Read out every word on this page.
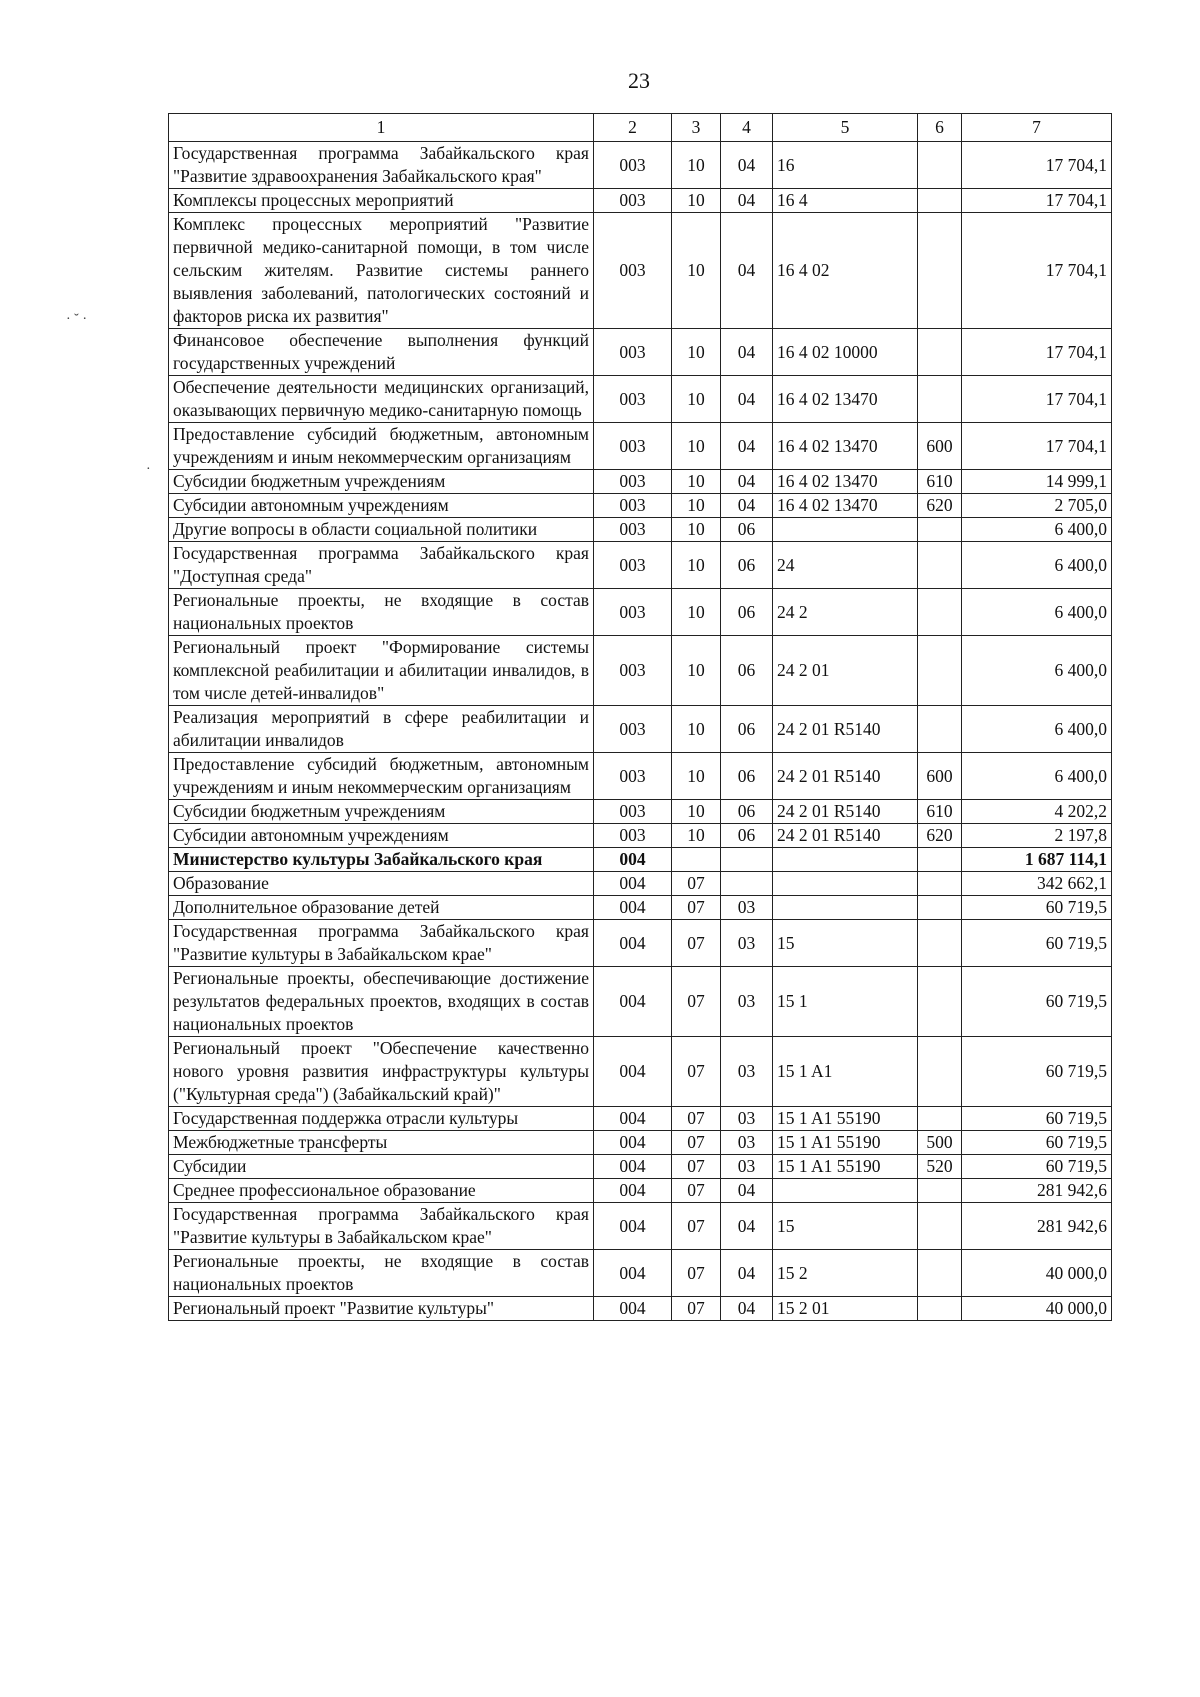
23
· ˘ ·
·
1	2	3	4	5	6	7
Государственная программа Забайкальского края "Развитие здравоохранения Забайкальского края"	003	10	04	16		17 704,1
Комплексы процессных мероприятий	003	10	04	16 4		17 704,1
Комплекс процессных мероприятий "Развитие первичной медико-санитарной помощи, в том числе сельским жителям. Развитие системы раннего выявления заболеваний, патологических состояний и факторов риска их развития"	003	10	04	16 4 02		17 704,1
Финансовое обеспечение выполнения функций государственных учреждений	003	10	04	16 4 02 10000		17 704,1
Обеспечение деятельности медицинских организаций, оказывающих первичную медико-санитарную помощь	003	10	04	16 4 02 13470		17 704,1
Предоставление субсидий бюджетным, автономным учреждениям и иным некоммерческим организациям	003	10	04	16 4 02 13470	600	17 704,1
Субсидии бюджетным учреждениям	003	10	04	16 4 02 13470	610	14 999,1
Субсидии автономным учреждениям	003	10	04	16 4 02 13470	620	2 705,0
Другие вопросы в области социальной политики	003	10	06			6 400,0
Государственная программа Забайкальского края "Доступная среда"	003	10	06	24		6 400,0
Региональные проекты, не входящие в состав национальных проектов	003	10	06	24 2		6 400,0
Региональный проект "Формирование системы комплексной реабилитации и абилитации инвалидов, в том числе детей-инвалидов"	003	10	06	24 2 01		6 400,0
Реализация мероприятий в сфере реабилитации и абилитации инвалидов	003	10	06	24 2 01 R5140		6 400,0
Предоставление субсидий бюджетным, автономным учреждениям и иным некоммерческим организациям	003	10	06	24 2 01 R5140	600	6 400,0
Субсидии бюджетным учреждениям	003	10	06	24 2 01 R5140	610	4 202,2
Субсидии автономным учреждениям	003	10	06	24 2 01 R5140	620	2 197,8
Министерство культуры Забайкальского края	004					1 687 114,1
Образование	004	07				342 662,1
Дополнительное образование детей	004	07	03			60 719,5
Государственная программа Забайкальского края "Развитие культуры в Забайкальском крае"	004	07	03	15		60 719,5
Региональные проекты, обеспечивающие достижение результатов федеральных проектов, входящих в состав национальных проектов	004	07	03	15 1		60 719,5
Региональный проект "Обеспечение качественно нового уровня развития инфраструктуры культуры ("Культурная среда") (Забайкальский край)"	004	07	03	15 1 A1		60 719,5
Государственная поддержка отрасли культуры	004	07	03	15 1 A1 55190		60 719,5
Межбюджетные трансферты	004	07	03	15 1 A1 55190	500	60 719,5
Субсидии	004	07	03	15 1 A1 55190	520	60 719,5
Среднее профессиональное образование	004	07	04			281 942,6
Государственная программа Забайкальского края "Развитие культуры в Забайкальском крае"	004	07	04	15		281 942,6
Региональные проекты, не входящие в состав национальных проектов	004	07	04	15 2		40 000,0
Региональный проект "Развитие культуры"	004	07	04	15 2 01		40 000,0
